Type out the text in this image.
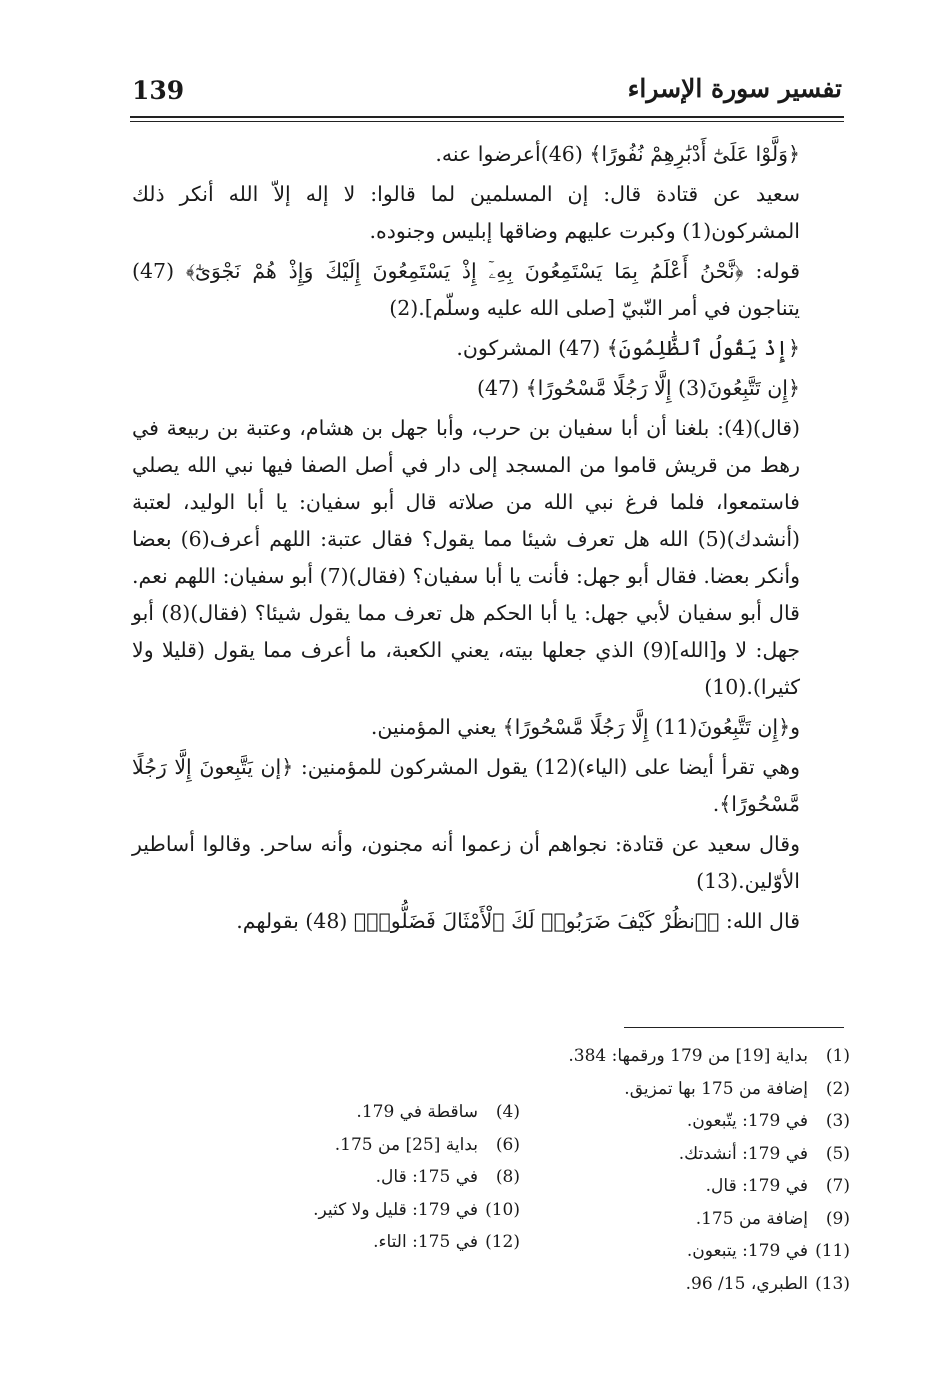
139	تفسير سورة الإسراء

﴿وَلَّوْا عَلَىٰٓ أَدْبَٰرِهِمْ نُفُورًا﴾ (46)أعرضوا عنه.

سعيد عن قتادة قال: إن المسلمين لما قالوا: لا إله إلاّ الله أنكر ذلك المشركون(1) وكبرت عليهم وضاقها إبليس وجنوده.

قوله: ﴿نَّحْنُ أَعْلَمُ بِمَا يَسْتَمِعُونَ بِهِۦٓ إِذْ يَسْتَمِعُونَ إِلَيْكَ وَإِذْ هُمْ نَجْوَىٰٓ﴾ (47) يتناجون في أمر النّبيّ [صلى الله عليه وسلّم].(2)

﴿إِذْ يَقُولُ ٱلظَّٰلِمُونَ﴾ (47) المشركون.

﴿إِن تَتَّبِعُونَ(3) إِلَّا رَجُلًا مَّسْحُورًا﴾ (47)

(قال)(4): بلغنا أن أبا سفيان بن حرب، وأبا جهل بن هشام، وعتبة بن ربيعة في رهط من قريش قاموا من المسجد إلى دار في أصل الصفا فيها نبي الله يصلي فاستمعوا، فلما فرغ نبي الله من صلاته قال أبو سفيان: يا أبا الوليد، لعتبة (أنشدك)(5) الله هل تعرف شيئا مما يقول؟ فقال عتبة: اللهم أعرف(6) بعضا وأنكر بعضا. فقال أبو جهل: فأنت يا أبا سفيان؟ (فقال)(7) أبو سفيان: اللهم نعم. قال أبو سفيان لأبي جهل: يا أبا الحكم هل تعرف مما يقول شيئا؟ (فقال)(8) أبو جهل: لا و[الله](9) الذي جعلها بيته، يعني الكعبة، ما أعرف مما يقول (قليلا ولا كثيرا).(10)

و﴿إِن تَتَّبِعُونَ(11) إِلَّا رَجُلًا مَّسْحُورًا﴾ يعني المؤمنين.

وهي تقرأ أيضا على (الياء)(12) يقول المشركون للمؤمنين: ﴿إن يَتَّبِعونَ إِلَّا رَجُلًا مَّسْحُورًا﴾.

وقال سعيد عن قتادة: نجواهم أن زعموا أنه مجنون، وأنه ساحر. وقالوا أساطير الأوّلين.(13)

قال الله: ﴿ٱنظُرْ كَيْفَ ضَرَبُوا۟ لَكَ ٱلْأَمْثَالَ فَضَلُّوا۟﴾ (48) بقولهم.

(1)بداية [19] من 179 ورقمها: 384.
(2)إضافة من 175 بها تمزيق.
(3)في 179: يتّبعون.
(5)في 179: أنشدتك.
(7)في 179: قال.
(9)إضافة من 175.
(11)في 179: يتبعون.
(13)الطبري، 15/ 96.
(4)ساقطة في 179.
(6)بداية [25] من 175.
(8)في 175: قال.
(10)في 179: قليل ولا كثير.
(12)في 175: التاء.
